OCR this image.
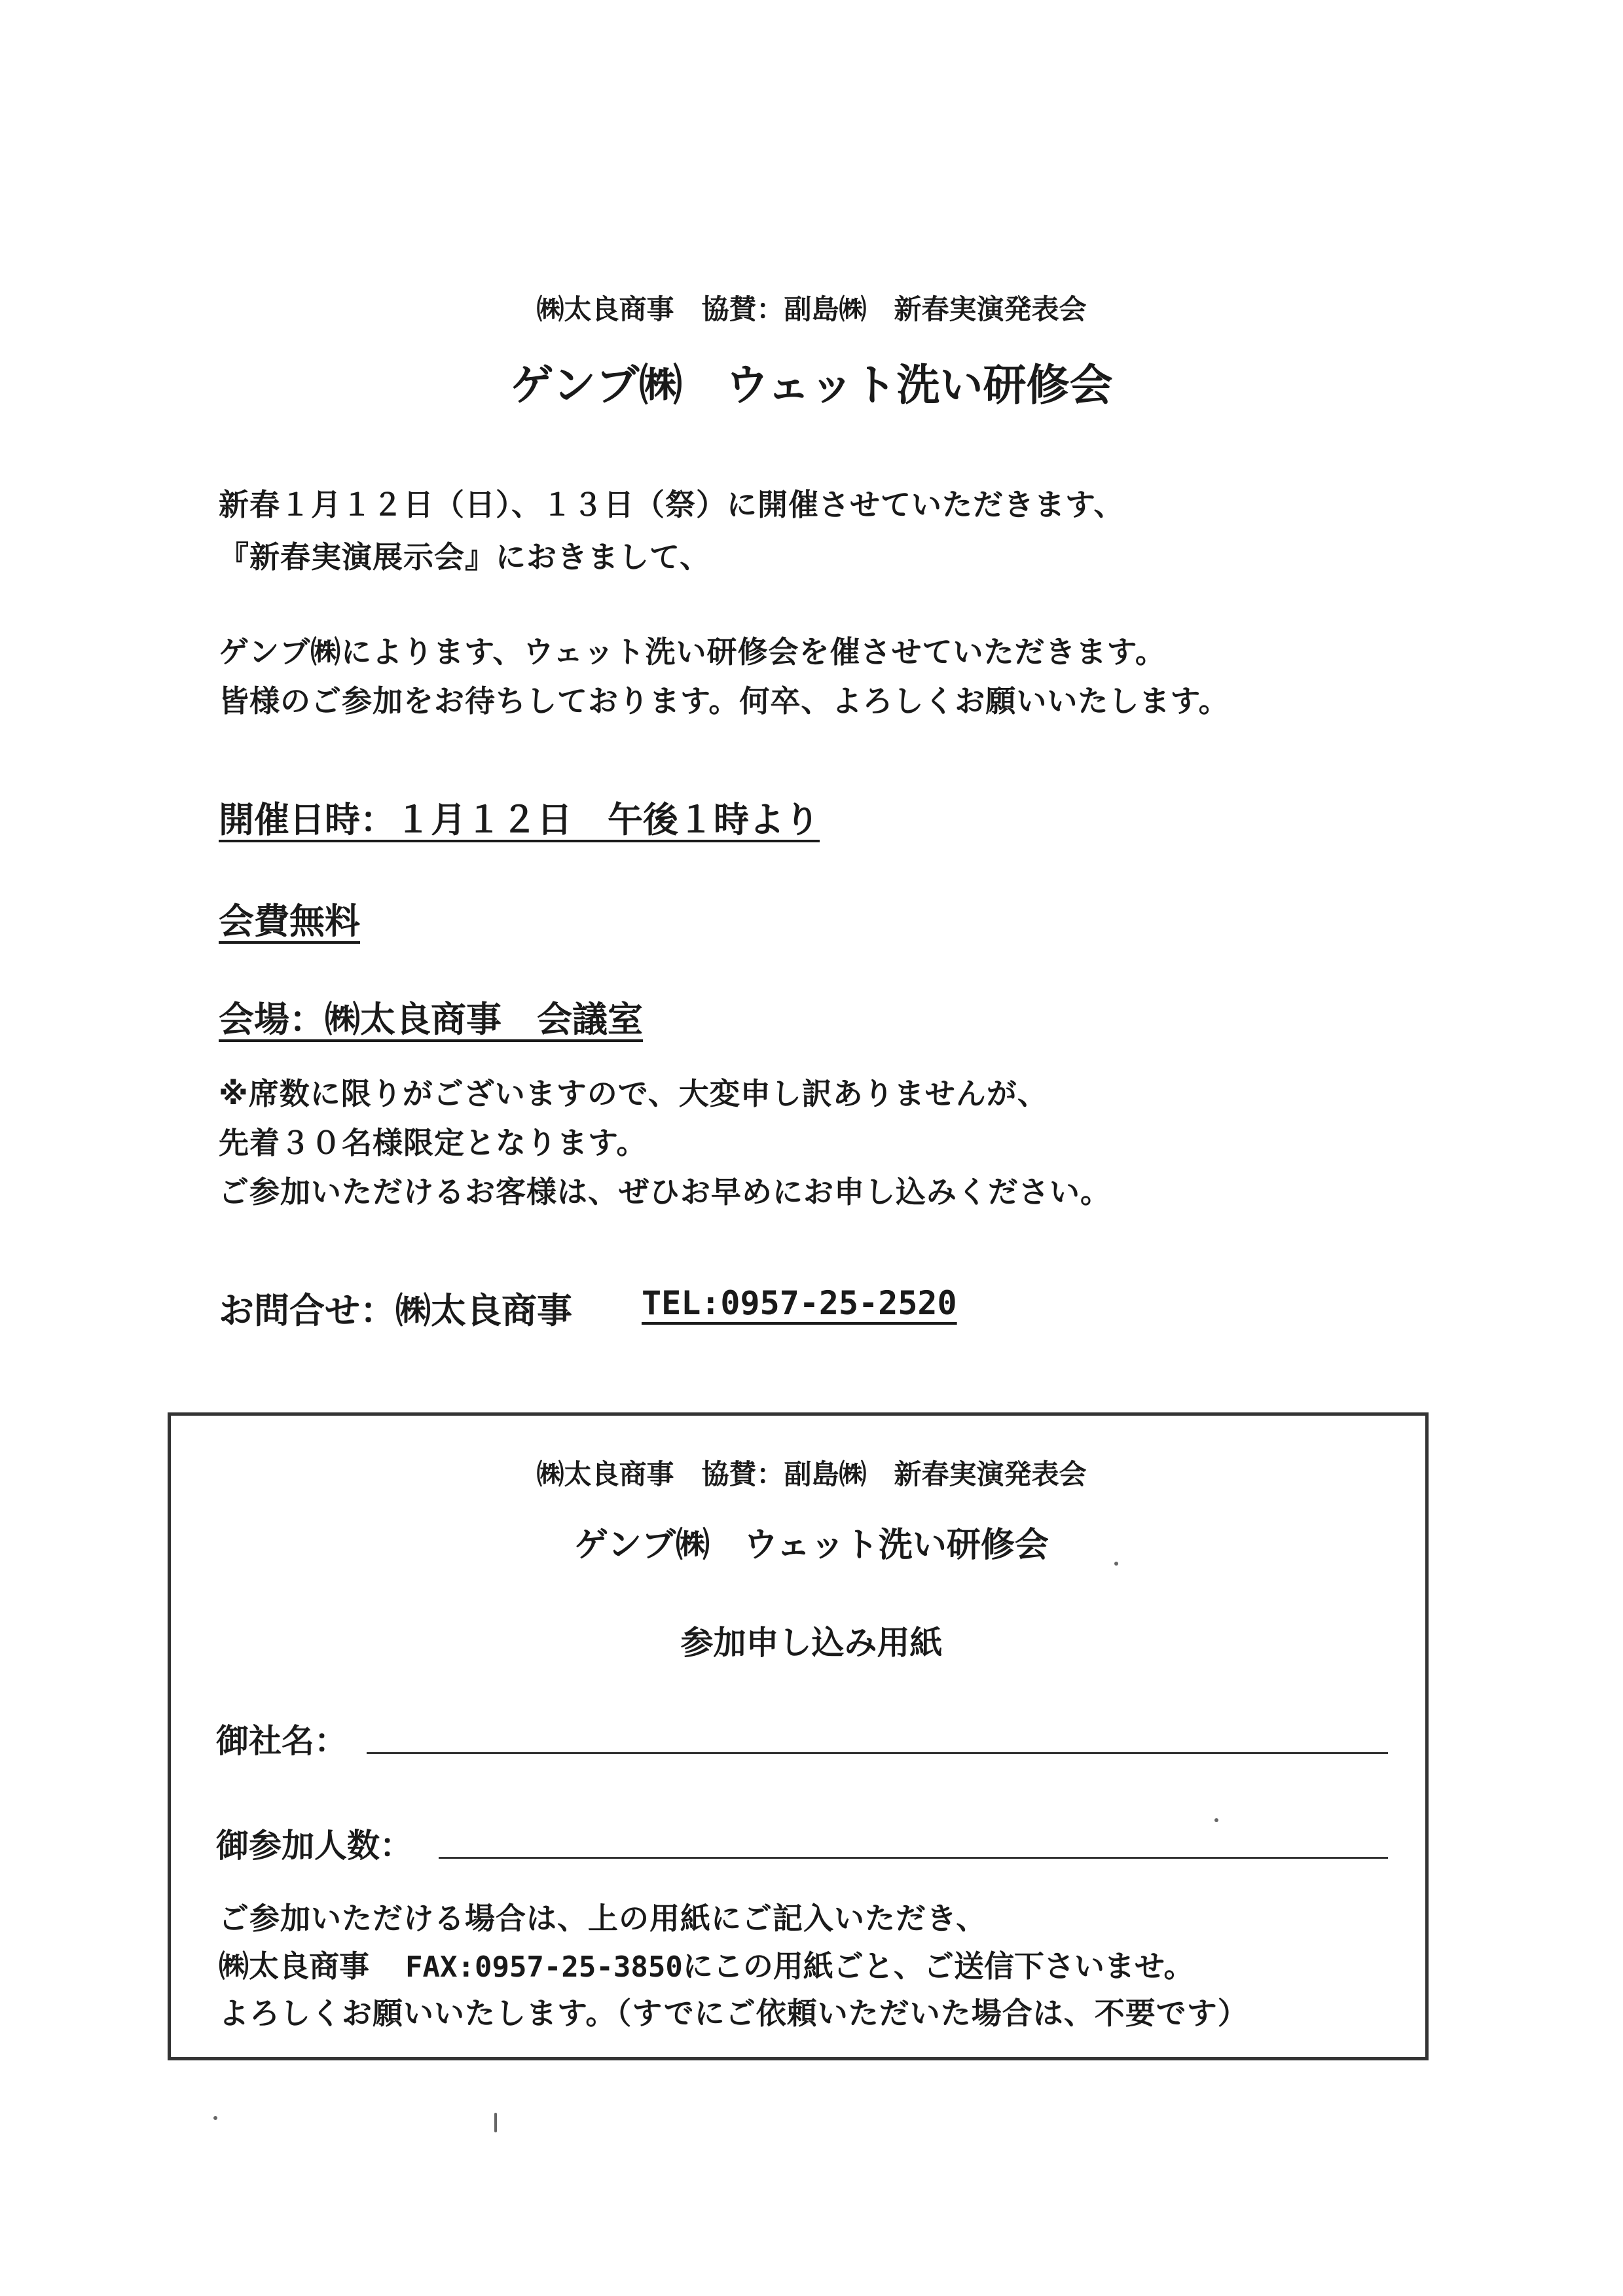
㈱太良商事　協賛：副島㈱　新春実演発表会

ゲンブ㈱　ウェット洗い研修会

新春１月１２日（日）、１３日（祭）に開催させていただきます、

『新春実演展示会』におきまして、

ゲンブ㈱によります、ウェット洗い研修会を催させていただきます。

皆様のご参加をお待ちしております。何卒、よろしくお願いいたします。

開催日時：１月１２日　午後１時より

会費無料

会場：㈱太良商事　会議室

※席数に限りがございますので、大変申し訳ありませんが、

先着３０名様限定となります。

ご参加いただけるお客様は、ぜひお早めにお申し込みください。

お問合せ：㈱太良商事 TEL:0957-25-2520

㈱太良商事　協賛：副島㈱　新春実演発表会

ゲンブ㈱　ウェット洗い研修会

参加申し込み用紙

御社名：
御参加人数：

ご参加いただける場合は、上の用紙にご記入いただき、

㈱太良商事 FAX:0957-25-3850にこの用紙ごと、ご送信下さいませ。

よろしくお願いいたします。（すでにご依頼いただいた場合は、不要です）
